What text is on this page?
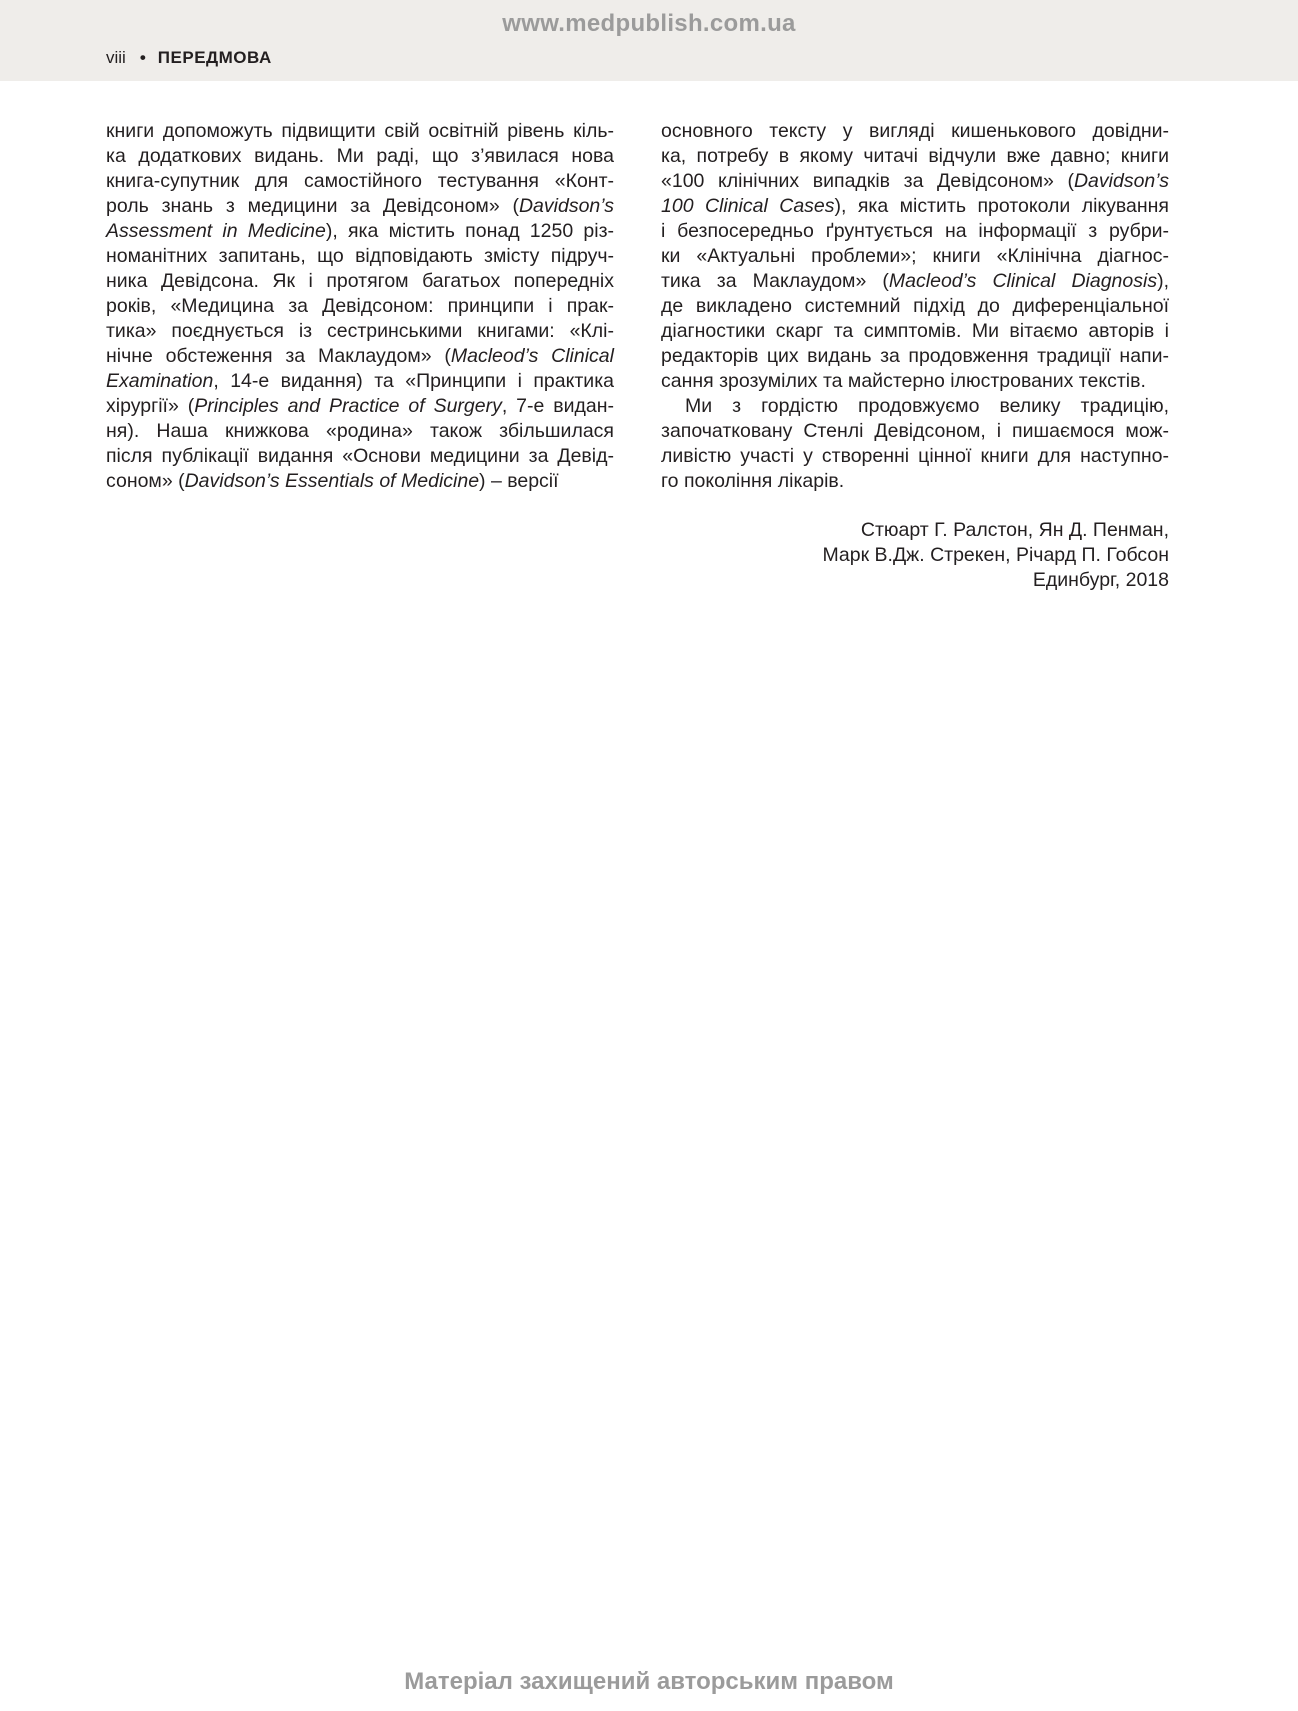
www.medpublish.com.ua
viii • ПЕРЕДМОВА
книги допоможуть підвищити свій освітній рівень кіль-
ка додаткових видань. Ми раді, що з’явилася нова
книга-супутник для самостійного тестування «Конт-
роль знань з медицини за Девідсоном» (Davidson’s
Assessment in Medicine), яка містить понад 1250 різ-
номанітних запитань, що відповідають змісту підруч-
ника Девідсона. Як і протягом багатьох попередніх
років, «Медицина за Девідсоном: принципи і прак-
тика» поєднується із сестринськими книгами: «Клі-
нічне обстеження за Маклаудом» (Macleod’s Clinical
Examination, 14-е видання) та «Принципи і практика
хірургії» (Principles and Practice of Surgery, 7-е видан-
ня). Наша книжкова «родина» також збільшилася
після публікації видання «Основи медицини за Девід-
соном» (Davidson’s Essentials of Medicine) – версії
основного тексту у вигляді кишенькового довідни-
ка, потребу в якому читачі відчули вже давно; книги
«100 клінічних випадків за Девідсоном» (Davidson’s
100 Clinical Cases), яка містить протоколи лікування
і безпосередньо ґрунтується на інформації з рубри-
ки «Актуальні проблеми»; книги «Клінічна діагнос-
тика за Маклаудом» (Macleod’s Clinical Diagnosis),
де викладено системний підхід до диференціальної
діагностики скарг та симптомів. Ми вітаємо авторів і
редакторів цих видань за продовження традиції напи-
сання зрозумілих та майстерно ілюстрованих текстів.
Ми з гордістю продовжуємо велику традицію,
започатковану Стенлі Девідсоном, і пишаємося мож-
ливістю участі у створенні цінної книги для наступно-
го покоління лікарів.
Стюарт Г. Ралстон, Ян Д. Пенман,
Марк В.Дж. Стрекен, Річард П. Гобсон
Единбург, 2018
Матеріал захищений авторським правом
